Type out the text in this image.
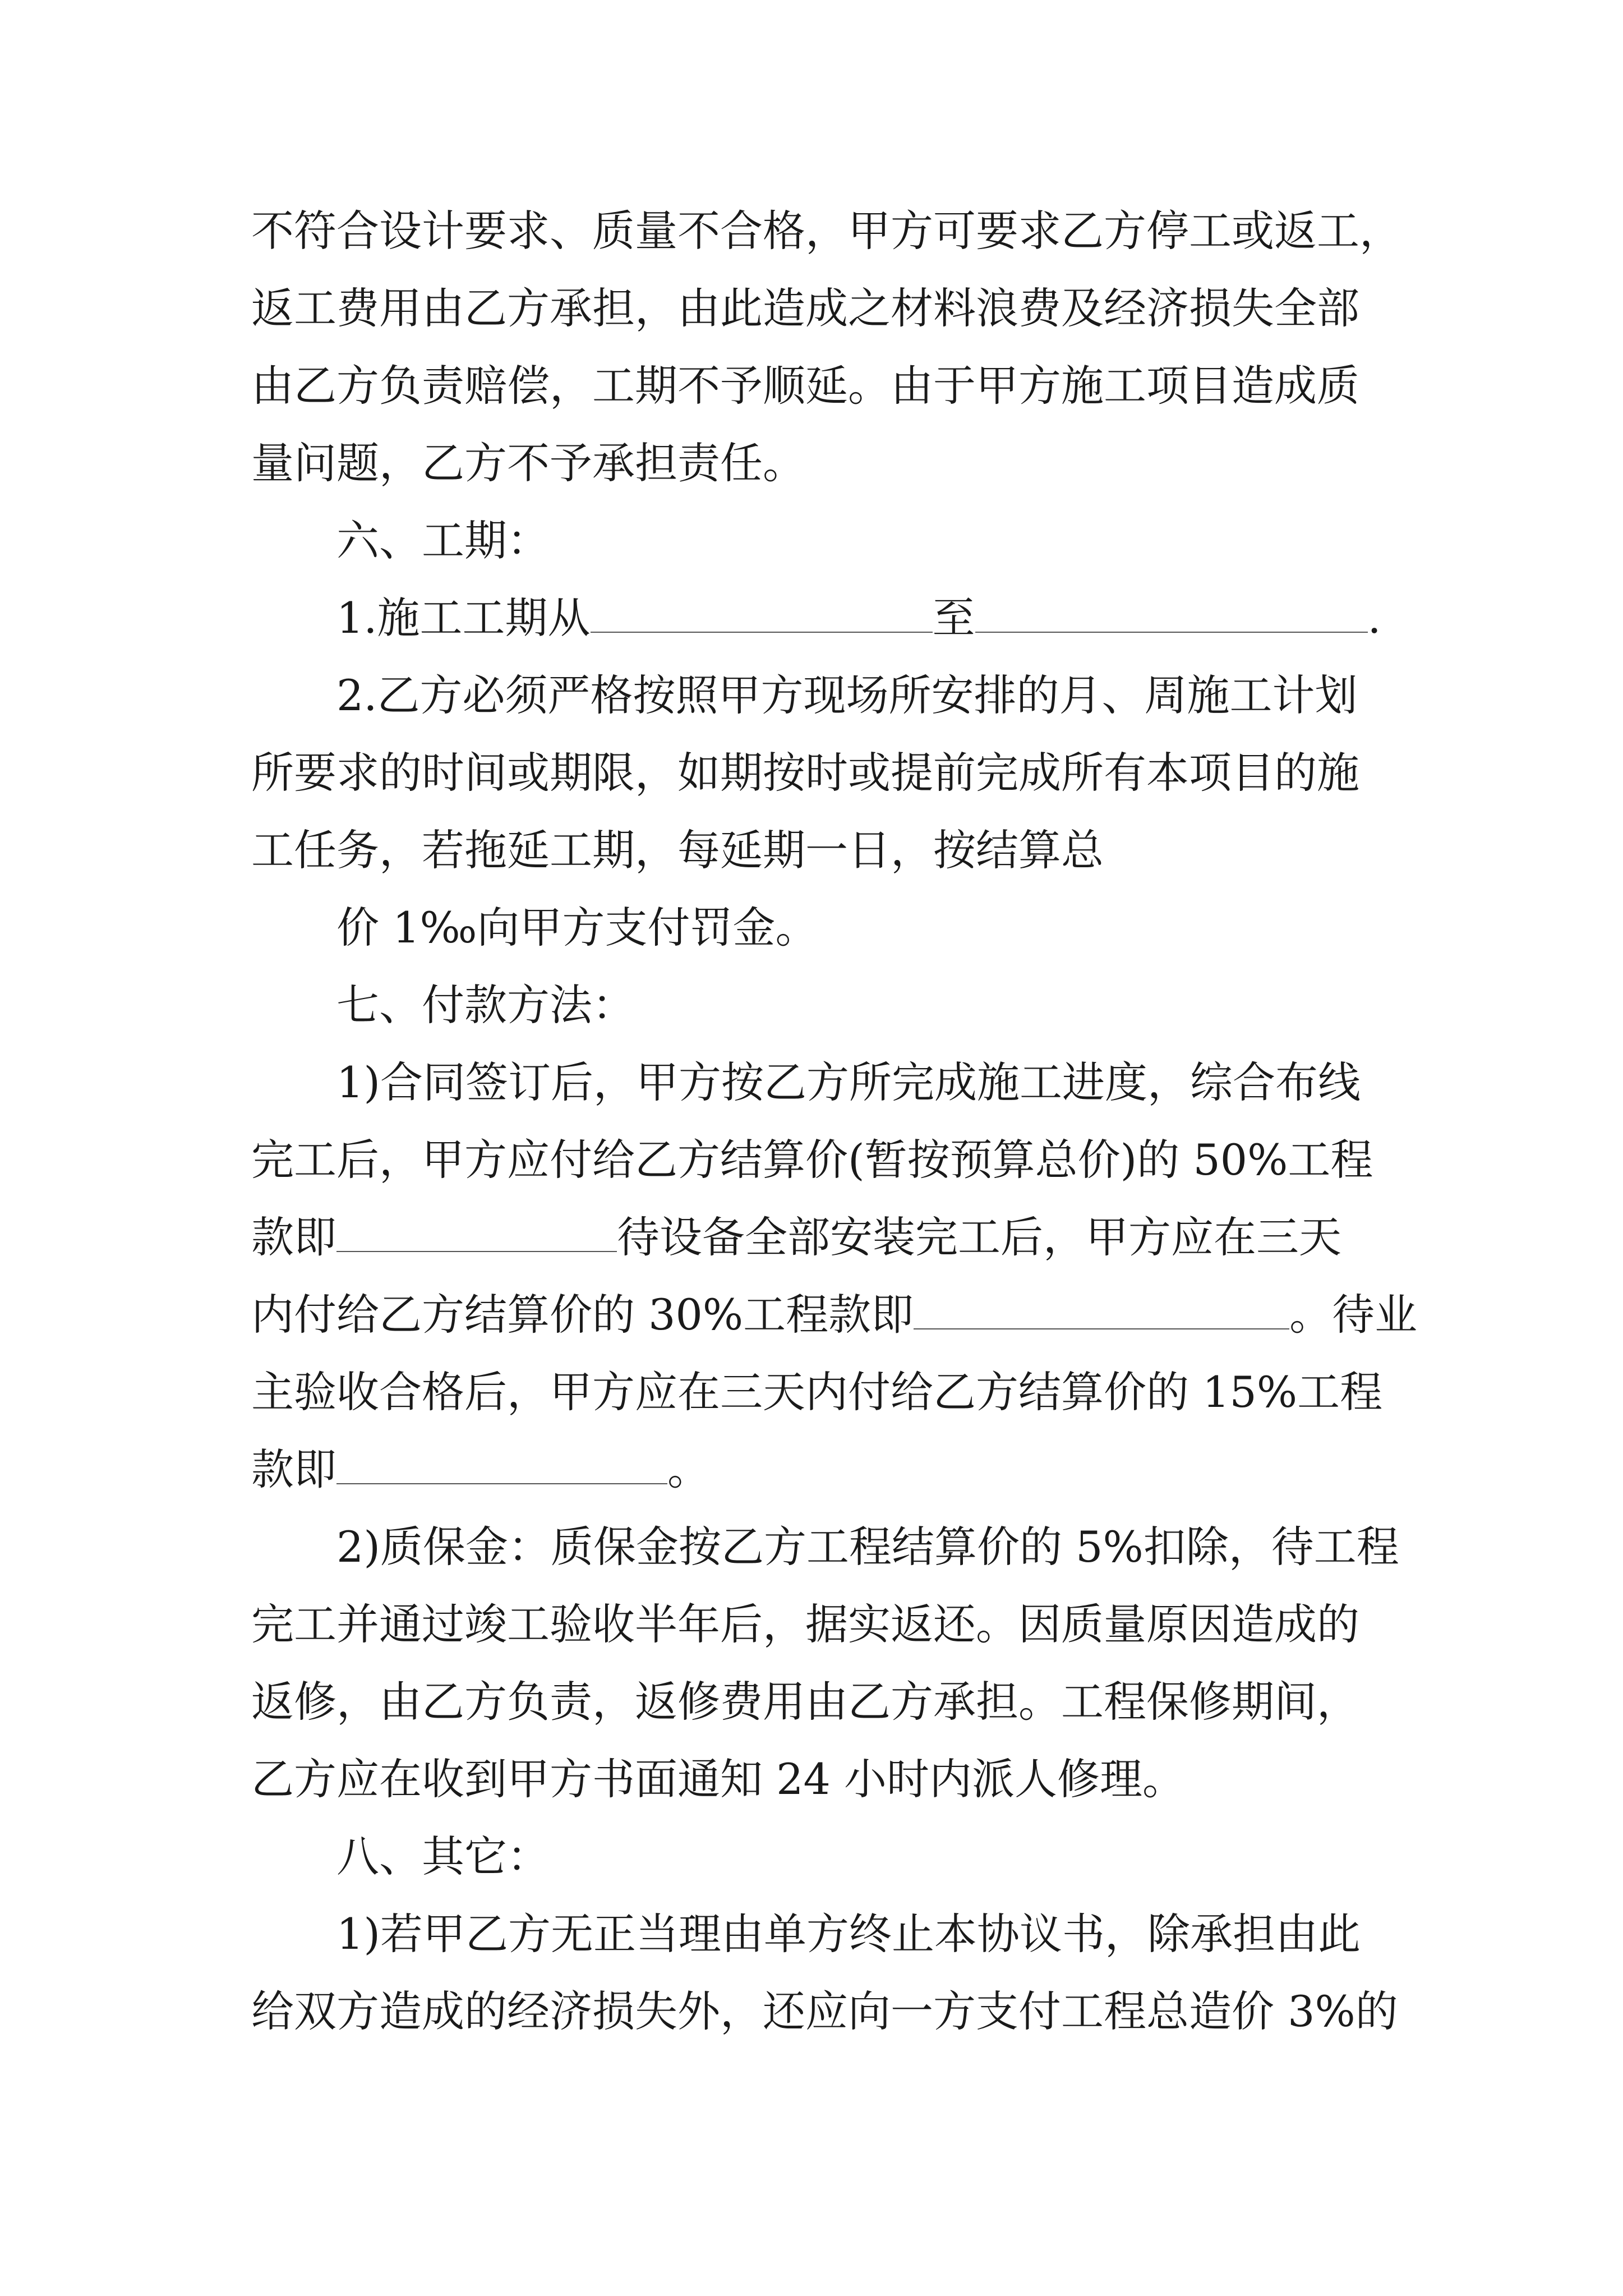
不符合设计要求、质量不合格，甲方可要求乙方停工或返工，
返工费用由乙方承担，由此造成之材料浪费及经济损失全部
由乙方负责赔偿，工期不予顺延。由于甲方施工项目造成质
量问题，乙方不予承担责任。
六、工期：
1.施工工期从	至	.
2.乙方必须严格按照甲方现场所安排的月、周施工计划
所要求的时间或期限，如期按时或提前完成所有本项目的施
工任务，若拖延工期，每延期一日，按结算总
价 1‰向甲方支付罚金。
七、付款方法：
1)合同签订后，甲方按乙方所完成施工进度，综合布线
完工后，甲方应付给乙方结算价(暂按预算总价)的 50%工程
款即	待设备全部安装完工后，甲方应在三天
内付给乙方结算价的 30%工程款即	。待业
主验收合格后，甲方应在三天内付给乙方结算价的 15%工程
款即	。
2)质保金：质保金按乙方工程结算价的 5%扣除，待工程
完工并通过竣工验收半年后，据实返还。因质量原因造成的
返修，由乙方负责，返修费用由乙方承担。工程保修期间，
乙方应在收到甲方书面通知 24 小时内派人修理。
八、其它：
1)若甲乙方无正当理由单方终止本协议书，除承担由此
给双方造成的经济损失外，还应向一方支付工程总造价 3%的
